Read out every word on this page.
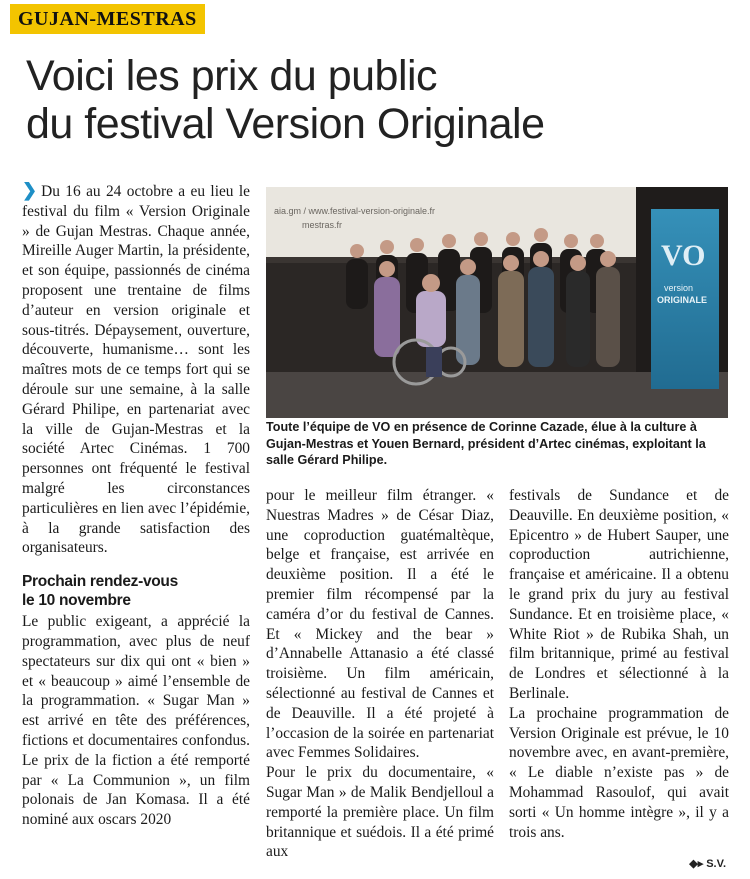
GUJAN-MESTRAS
Voici les prix du public
du festival Version Originale
aia.gm / www.festival-version-originale.fr
mestras.fr
VO
version
ORIGINALE
Toute l’équipe de VO en présence de Corinne Cazade, élue à la culture à Gujan-Mestras et Youen Bernard, président d’Artec cinémas, exploitant la salle Gérard Philipe.

❯ Du 16 au 24 octobre a eu lieu le festival du film « Version Originale » de Gujan Mestras. Chaque année, Mireille Auger Martin, la présidente, et son équipe, passionnés de cinéma proposent une trentaine de films d’auteur en version originale et sous-titrés. Dépaysement, ouverture, découverte, humanisme… sont les maîtres mots de ce temps fort qui se déroule sur une semaine, à la salle Gérard Philipe, en partenariat avec la ville de Gujan-Mestras et la société Artec Cinémas. 1 700 personnes ont fréquenté le festival malgré les circonstances particulières en lien avec l’épidémie, à la grande satisfaction des organisateurs.

Prochain rendez-vous
le 10 novembre

Le public exigeant, a apprécié la programmation, avec plus de neuf spectateurs sur dix qui ont « bien » et « beaucoup » aimé l’ensemble de la programmation. « Sugar Man » est arrivé en tête des préférences, fictions et documentaires confondus. Le prix de la fiction a été remporté par « La Communion », un film polonais de Jan Komasa. Il a été nominé aux oscars 2020

pour le meilleur film étranger. « Nuestras Madres » de César Diaz, une coproduction guatémaltèque, belge et française, est arrivée en deuxième position. Il a été le premier film récompensé par la caméra d’or du festival de Cannes. Et « Mickey and the bear » d’Annabelle Attanasio a été classé troisième. Un film américain, sélectionné au festival de Cannes et de Deauville. Il a été projeté à l’occasion de la soirée en partenariat avec Femmes Solidaires.

Pour le prix du documentaire, « Sugar Man » de Malik Bendjelloul a remporté la première place. Un film britannique et suédois. Il a été primé aux

festivals de Sundance et de Deauville. En deuxième position, « Epicentro » de Hubert Sauper, une coproduction autrichienne, française et américaine. Il a obtenu le grand prix du jury au festival Sundance. Et en troisième place, « White Riot » de Rubika Shah, un film britannique, primé au festival de Londres et sélectionné à la Berlinale.

La prochaine programmation de Version Originale est prévue, le 10 novembre avec, en avant-première, « Le diable n’existe pas » de Mohammad Rasoulof, qui avait sorti « Un homme intègre », il y a trois ans.

◆▸ S.V.
